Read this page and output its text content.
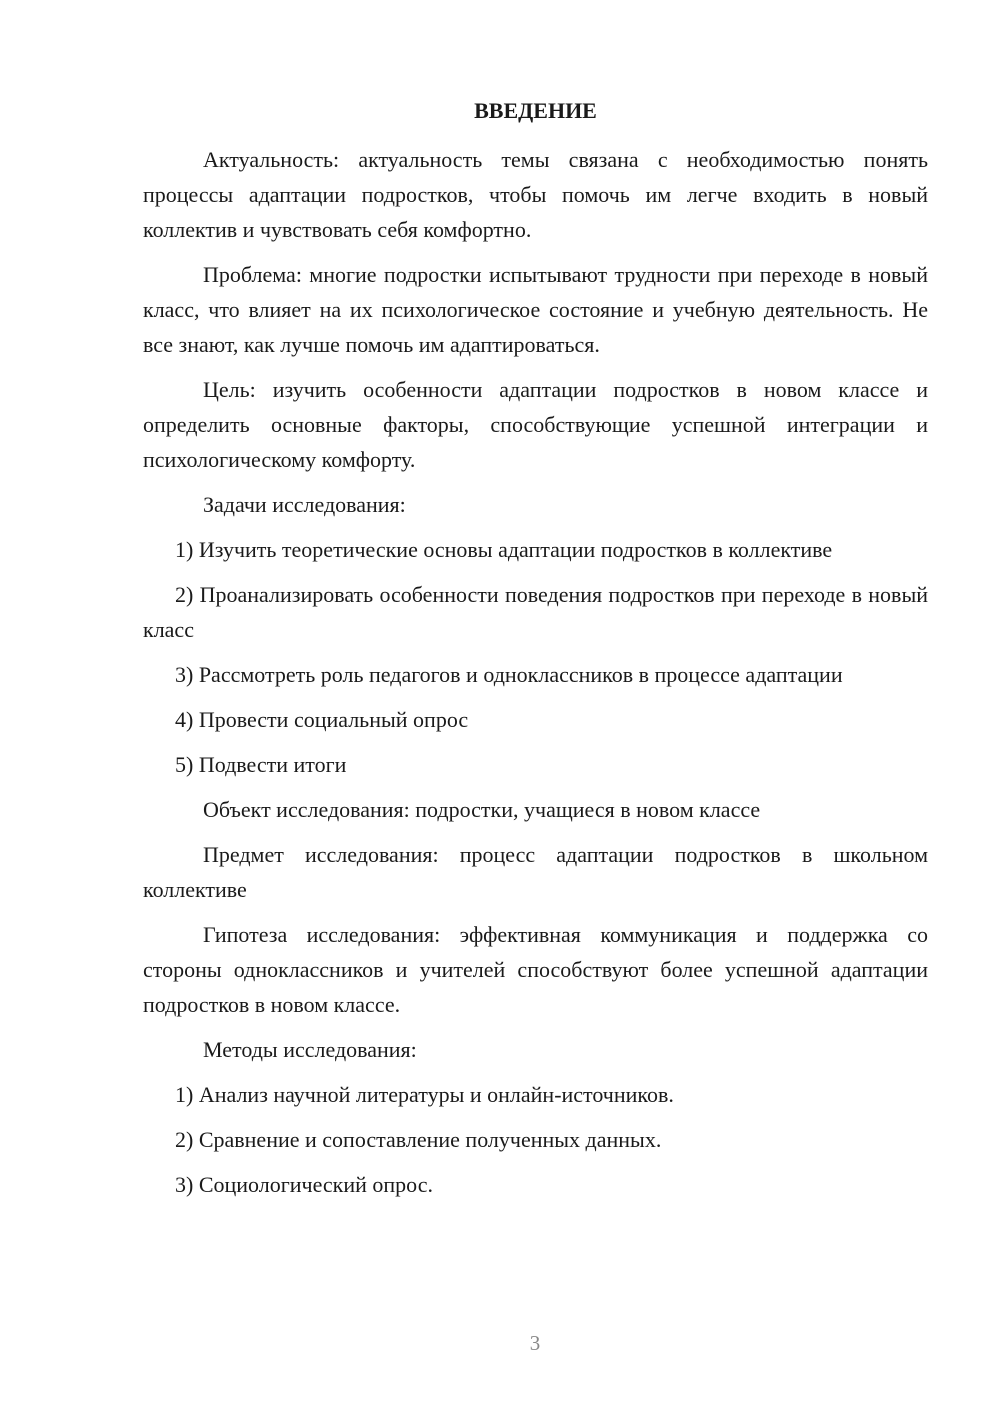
ВВЕДЕНИЕ

Актуальность: актуальность темы связана с необходимостью понять процессы адаптации подростков, чтобы помочь им легче входить в новый коллектив и чувствовать себя комфортно.

Проблема: многие подростки испытывают трудности при переходе в новый класс, что влияет на их психологическое состояние и учебную деятельность. Не все знают, как лучше помочь им адаптироваться.

Цель: изучить особенности адаптации подростков в новом классе и определить основные факторы, способствующие успешной интеграции и психологическому комфорту.

Задачи исследования:

1) Изучить теоретические основы адаптации подростков в коллективе

2) Проанализировать особенности поведения подростков при переходе в новый класс

3) Рассмотреть роль педагогов и одноклассников в процессе адаптации

4) Провести социальный опрос

5) Подвести итоги

Объект исследования: подростки, учащиеся в новом классе

Предмет исследования: процесс адаптации подростков в школьном коллективе

Гипотеза исследования: эффективная коммуникация и поддержка со стороны одноклассников и учителей способствуют более успешной адаптации подростков в новом классе.

Методы исследования:

1) Анализ научной литературы и онлайн-источников.

2) Сравнение и сопоставление полученных данных.

3) Социологический опрос.

3
